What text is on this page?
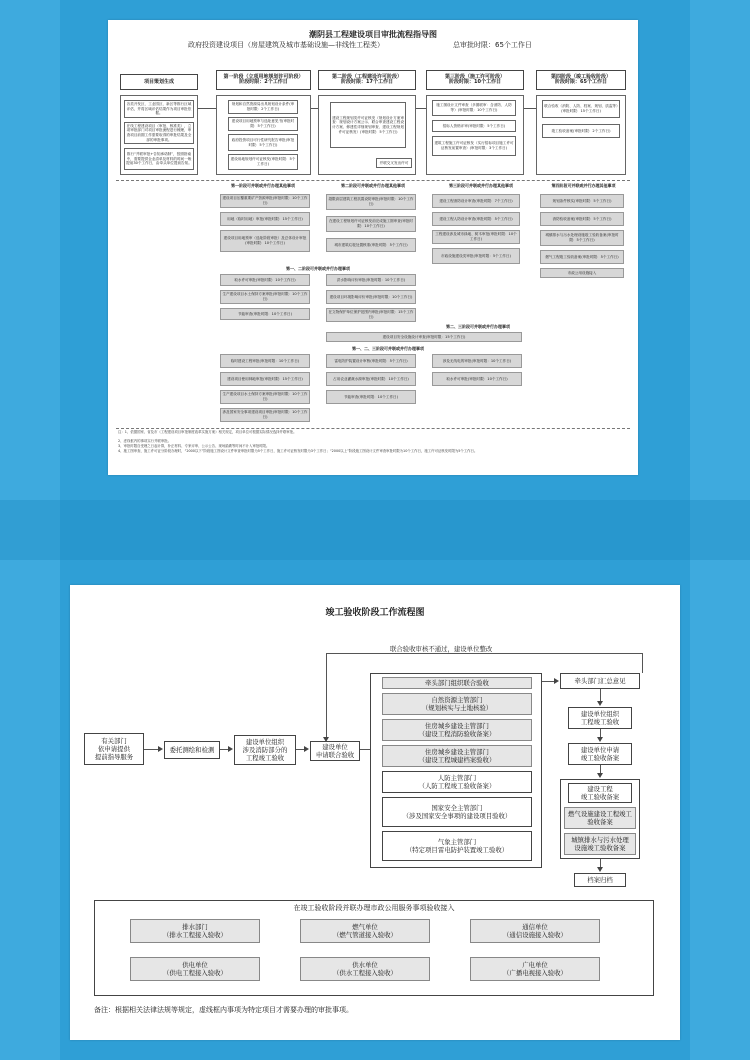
潮阴县工程建设项目审批流程指导图
政府投资建设项目（房屋建筑及城市基础设施—非线性工程类）	总审批时限：65个工作日
项目策划生成
第一阶段（立项用地规划许可阶段）
阶段时限：2个工作日
第二阶段（工程建设许可阶段）
阶段时限：17个工作日
第三阶段（施工许可阶段）
阶段时限：10个工作日
第四阶段（竣工验收阶段）
阶段时限：65个工作日
各类开发区、工业园区、新区等推行区域评估，并将区域评估结果作为项目审批依据。
在线工程建设项目（审批、核准类），立项审批部门对项目审批流程进行梳理，审查项目前期工作需要取得的审批结果及全部的审批事项。
推行“并联审批+告知承诺制”，按照指南中，需要提供企业清单及材料的时间一般提前30个工作日，由牵头单位提前告知。
规划和自然资源局出具规划设计条件(审批时限：2个工作日)
建设项目用地预审与选址意见书(审批时限：5个工作日)
政府投资项目可行性研究报告审批(审批时限：5个工作日)
建设用地规划许可证核发(审批时限：5个工作日)
建设工程规划类许可证核发（规划设计方案审查：规划设计方案公示、联合审查建设工程设计方案、修建性详细规划审查、建设工程规划许可证核发）(审批时限：5个工作日)
并联交叉发出许可
施工图设计文件审查（多图联审：含消防、人防等）(审批时限：10个工作日)
招标人资格评审(审批时限：5个工作日)
建筑工程施工许可证核发（实行招标项目施工许可证核发前置审查）(审批时限：3个工作日)
联合验收（消防、人防、档案、规划、质监等）(审批时限：15个工作日)
竣工验收备案(审批时限：2个工作日)
第一阶段可并联或并行办理其他事项	第二阶段可并联或并行办理其他事项	第三阶段可并联或并行办理其他事项	第四阶段可并联或并行办理其他事项
建设项目压覆重要矿产资源审批(审批时限：10个工作日)
用地（临时用地）审批(审批时限：15个工作日)
建设项目用地预审（选址阶段审批）及总体设计审批(审批时限：10个工作日)
超限高层建筑工程抗震设防审批(审批时限：10个工作日)
在建设工程规划许可证核发前完成施工图审查(审批时限：10个工作日)
城市建筑垃圾处置核准(审批时限：5个工作日)
建设工程消防设计审查(审批时限：7个工作日)
建设工程人防设计审查(审批时限：5个工作日)
工程建设涉及城市绿地、树木审批(审批时限：10个工作日)
市政设施建设类审批(审批时限：5个工作日)
规划条件核实(审批时限：5个工作日)
消防验收备案(审批时限：5个工作日)
城镇排水与污水处理设施竣工验收备案(审批时限：5个工作日)
燃气工程竣工验收备案(审批时限：5个工作日)
市政公用设施接入
第一、二阶段可并联或并行办理事项
取水许可审批(审批时限：10个工作日)	洪水影响评价审批(审批时限：10个工作日)
生产建设项目水土保持方案审批(审批时限：10个工作日)
建设项目环境影响评价审批(审批时限：10个工作日)
节能审查(审批时限：10个工作日)	在文物保护单位保护范围内审批(审批时限：15个工作日)
第二、三阶段可并联或并行办理事项
建设项目安全设施设计审查(审批时限：15个工作日)
第一、二、三阶段可并联或并行办理事项
临时建设工程审批(审批时限：10个工作日)	雷电防护装置设计审核(审批时限：5个工作日)	涉及无线电的审批(审批时限：10个工作日)
建设项目使用林地审批(审批时限：15个工作日)	占用农业灌溉水源审批(审批时限：10个工作日)	取水许可审批(审批时限：10个工作日)
生产建设项目水土保持方案审批(审批时限：10个工作日)
节能审查(审批时限：10个工作日)
涉及国家安全事项建设项目审批(审批时限：10个工作日)
注：1、依据国家、省及市《工程建设项目审批制度改革实施方案》相关规定，项目单位可根据实际情况选择并联审批。
2、虚线框内的事项实行并联审批。
3、审批时限自受理之日起计算，补正材料、专家评审、公示公告、现场踏勘等时间不计入审批时限。
4、施工图审查、施工许可证分阶段办理时，“2000以下”阶段施工图设计文件审查审批时限为5个工作日，施工许可证核发时限为3个工作日；“2000以上”阶段施工图设计文件审查审批时限为10个工作日，施工许可证核发时限为5个工作日。
竣工验收阶段工作流程图
联合验收审核不通过，建设单位整改
有关部门
依申请提供
提前指导服务
委托测绘和检测
建设单位组织
涉及消防部分的
工程竣工验收
建设单位
申请联合验收
牵头部门组织联合验收
自然资源主管部门
（规划核实与土地核验）
住房城乡建设主管部门
（建设工程消防验收备案）
住房城乡建设主管部门
（建设工程城建档案验收）
人防主管部门
（人防工程竣工验收备案）
国家安全主管部门
（涉及国家安全事项的建设项目验收）
气象主管部门
（特定项目雷电防护装置竣工验收）
牵头部门汇总意见
建设单位组织
工程竣工验收
建设单位申请
竣工验收备案
建设工程
竣工验收备案
燃气设施建设工程竣工
验收备案
城镇排水与污水处理
设施竣工验收备案
档案归档
在竣工验收阶段并联办理市政公用服务事项验收接入
排水部门
（排水工程接入验收）
燃气单位
（燃气管道接入验收）
通信单位
（通信设施接入验收）
供电单位
（供电工程接入验收）
供水单位
（供水工程接入验收）
广电单位
（广播电视接入验收）
备注：根据相关法律法规等规定，虚线框内事项为特定项目才需要办理的审批事项。
